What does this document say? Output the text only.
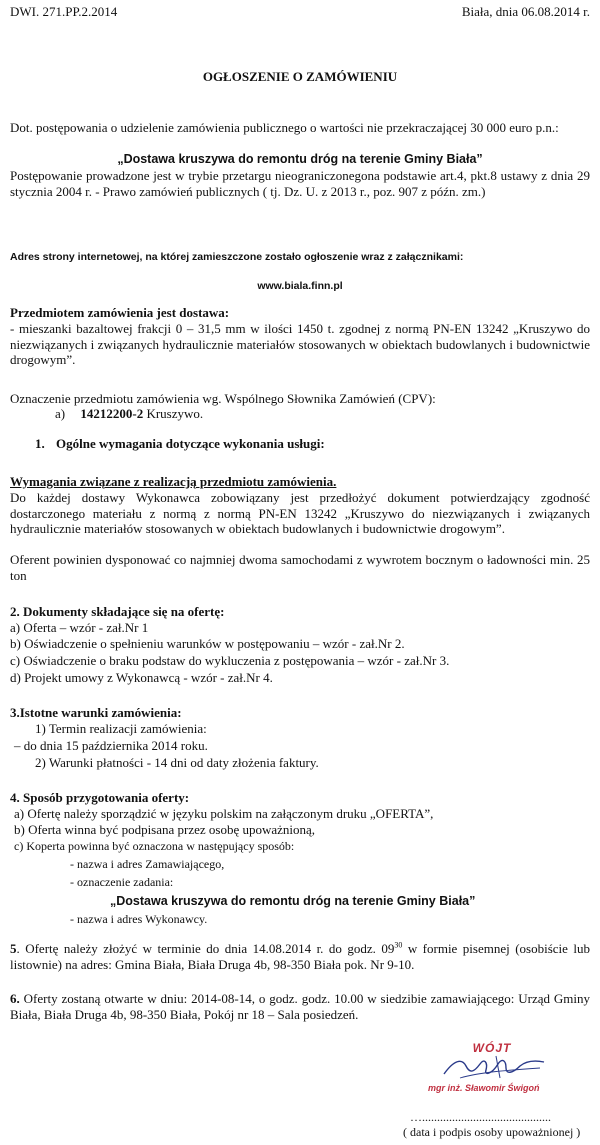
DWI. 271.PP.2.2014	Biała, dnia 06.08.2014 r.
OGŁOSZENIE O ZAMÓWIENIU
Dot. postępowania o udzielenie zamówienia publicznego o wartości nie przekraczającej 30 000 euro p.n.:
„Dostawa kruszywa do remontu dróg na terenie Gminy Biała”
Postępowanie prowadzone jest w trybie przetargu nieograniczonegona podstawie art.4, pkt.8 ustawy z dnia 29 stycznia 2004 r. - Prawo zamówień publicznych ( tj. Dz. U. z 2013 r., poz. 907 z późn. zm.)
Adres strony internetowej, na której zamieszczone zostało ogłoszenie wraz z załącznikami:
www.biala.finn.pl
Przedmiotem zamówienia jest dostawa:
- mieszanki bazaltowej frakcji 0 – 31,5 mm w ilości 1450 t. zgodnej z normą PN-EN 13242 „Kruszywo do niezwiązanych i związanych hydraulicznie materiałów stosowanych w obiektach budowlanych i budownictwie drogowym”.
Oznaczenie przedmiotu zamówienia wg. Wspólnego Słownika Zamówień (CPV):
a) 14212200-2 Kruszywo.
1. Ogólne wymagania dotyczące wykonania usługi:
Wymagania związane z realizacją przedmiotu zamówienia.
Do każdej dostawy Wykonawca zobowiązany jest przedłożyć dokument potwierdzający zgodność dostarczonego materiału z normą z normą PN-EN 13242 „Kruszywo do niezwiązanych i związanych hydraulicznie materiałów stosowanych w obiektach budowlanych i budownictwie drogowym”.
Oferent powinien dysponować co najmniej dwoma samochodami z wywrotem bocznym o ładowności min. 25 ton
2. Dokumenty składające się na ofertę:
a) Oferta – wzór - zał.Nr 1
b) Oświadczenie o spełnieniu warunków w postępowaniu – wzór - zał.Nr 2.
c) Oświadczenie o braku podstaw do wykluczenia z postępowania – wzór - zał.Nr 3.
d) Projekt umowy z Wykonawcą - wzór - zał.Nr 4.
3.Istotne warunki zamówienia:
1) Termin realizacji zamówienia:
– do dnia 15 października 2014 roku.
2) Warunki płatności - 14 dni od daty złożenia faktury.
4. Sposób przygotowania oferty:
a) Ofertę należy sporządzić w języku polskim na załączonym druku „OFERTA”,
b) Oferta winna być podpisana przez osobę upoważnioną,
c) Koperta powinna być oznaczona w następujący sposób:
- nazwa i adres Zamawiającego,
- oznaczenie zadania:
„Dostawa kruszywa do remontu dróg na terenie Gminy Biała”
- nazwa i adres Wykonawcy.
5. Ofertę należy złożyć w terminie do dnia 14.08.2014 r. do godz. $09^{30}$ w formie pisemnej (osobiście lub listownie) na adres: Gmina Biała, Biała Druga 4b, 98-350 Biała pok. Nr 9-10.
6. Oferty zostaną otwarte w dniu: 2014-08-14, o godz. godz. 10.00 w siedzibie zamawiającego: Urząd Gminy Biała, Biała Druga 4b, 98-350 Biała, Pokój nr 18 – Sala posiedzeń.
WÓJT
mgr inż. Sławomir Świgoń
…...........................................
( data i podpis osoby upoważnionej )
